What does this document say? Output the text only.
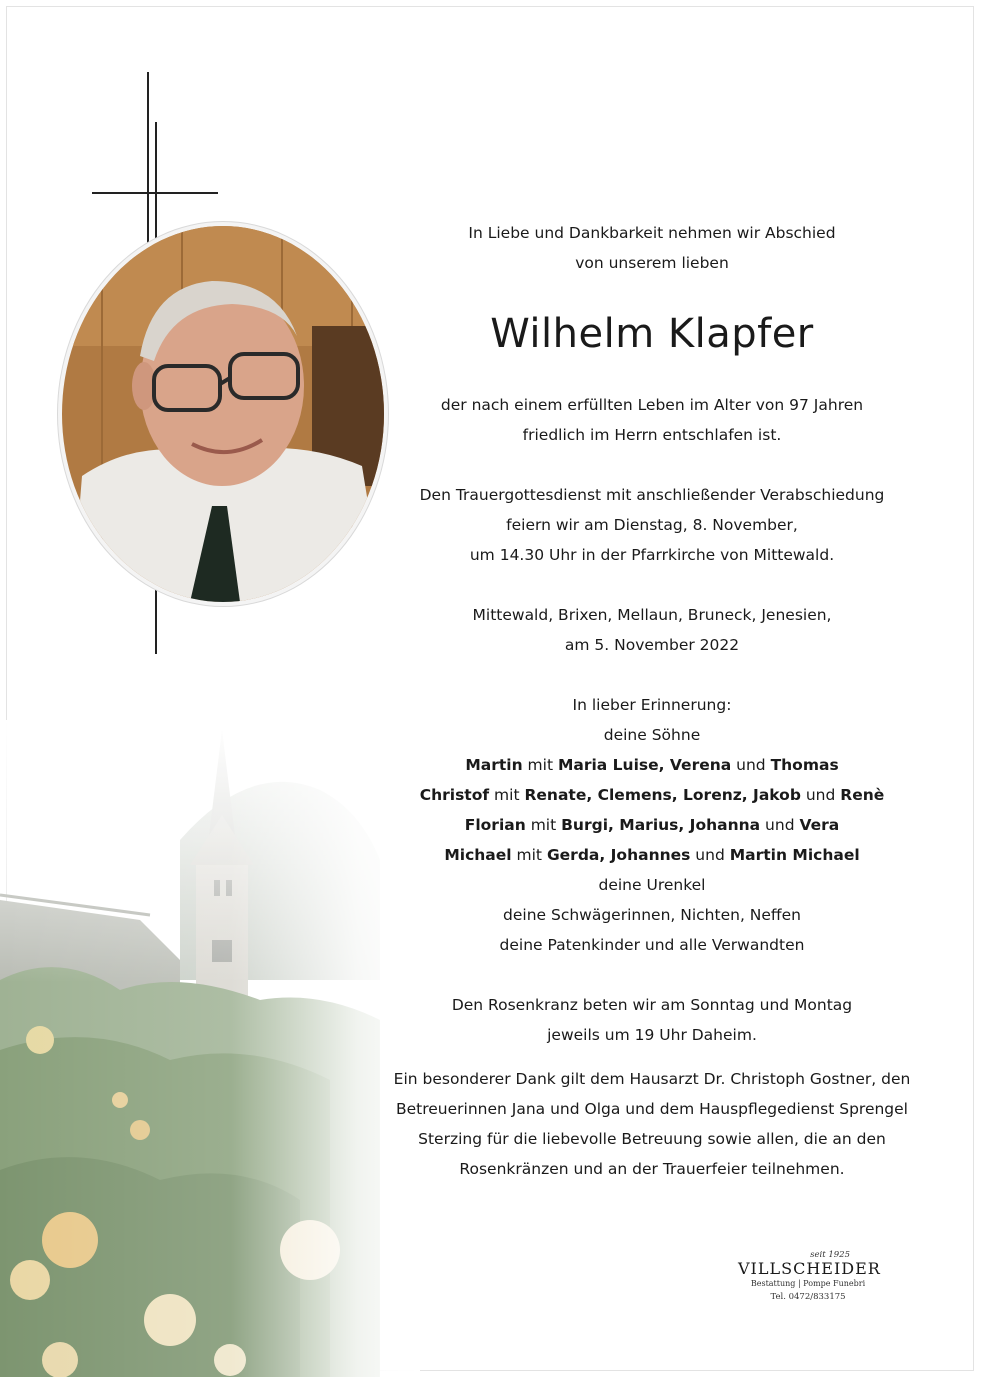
In Liebe und Dankbarkeit nehmen wir Abschied

von unserem lieben

Wilhelm Klapfer

der nach einem erfüllten Leben im Alter von 97 Jahren

friedlich im Herrn entschlafen ist.

Den Trauergottesdienst mit anschließender Verabschiedung

feiern wir am Dienstag, 8. November,

um 14.30 Uhr in der Pfarrkirche von Mittewald.

Mittewald, Brixen, Mellaun, Bruneck, Jenesien,

am 5. November 2022

In lieber Erinnerung:

deine Söhne

Martin mit Maria Luise, Verena und Thomas

Christof mit Renate, Clemens, Lorenz, Jakob und Renè

Florian mit Burgi, Marius, Johanna und Vera

Michael mit Gerda, Johannes und Martin Michael

deine Urenkel

deine Schwägerinnen, Nichten, Neffen

deine Patenkinder und alle Verwandten

Den Rosenkranz beten wir am Sonntag und Montag

jeweils um 19 Uhr Daheim.

Ein besonderer Dank gilt dem Hausarzt Dr. Christoph Gostner, den

Betreuerinnen Jana und Olga und dem Hauspflegedienst Sprengel

Sterzing für die liebevolle Betreuung sowie allen, die an den

Rosenkränzen und an der Trauerfeier teilnehmen.

seit 1925
VILLSCHEIDER
Bestattung | Pompe Funebri
Tel. 0472/833175
